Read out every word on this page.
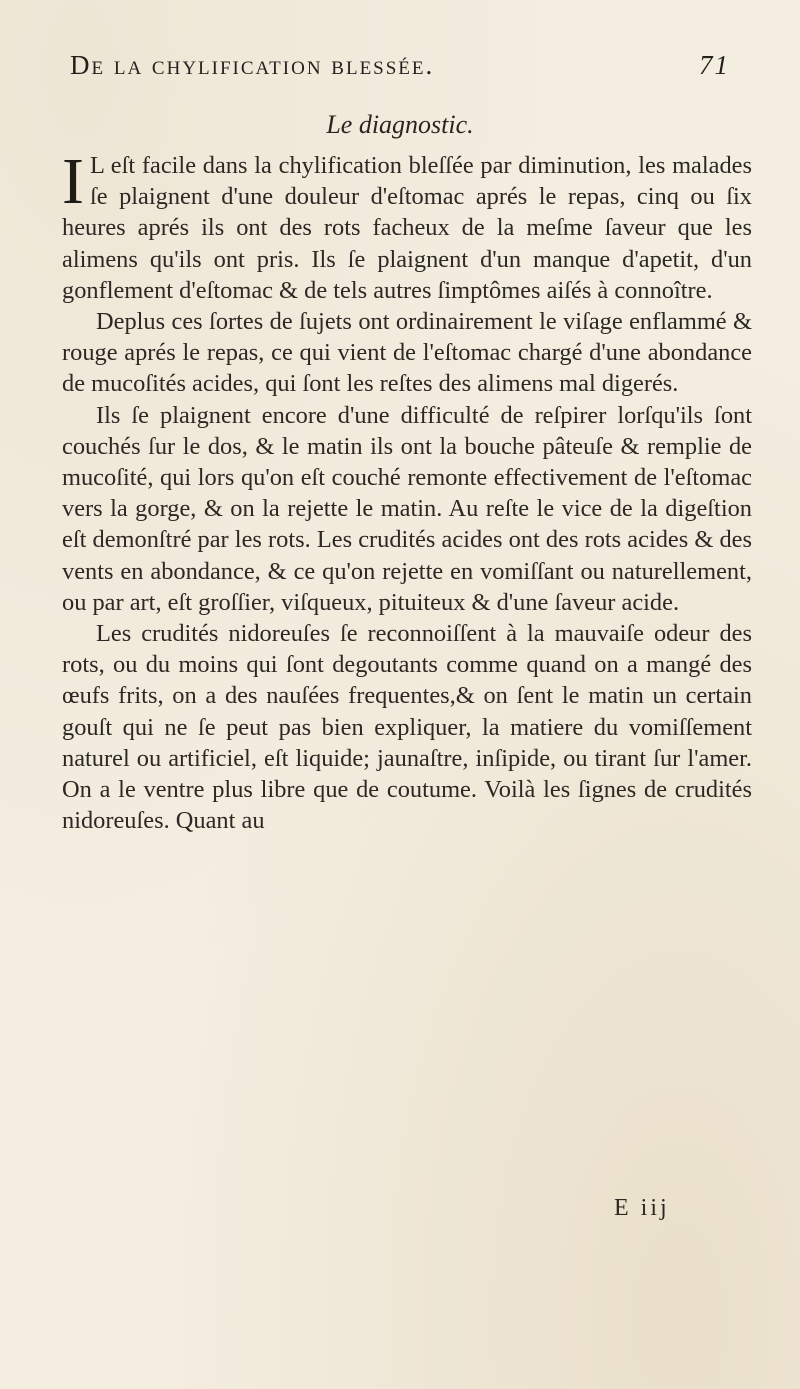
De la chylification blessée.	71
Le diagnostic.

I L eſt facile dans la chylification bleſſée par diminution, les malades ſe plaignent d'une douleur d'eſtomac aprés le repas, cinq ou ſix heures aprés ils ont des rots facheux de la meſme ſaveur que les alimens qu'ils ont pris. Ils ſe plaignent d'un manque d'apetit, d'un gonflement d'eſtomac & de tels autres ſimptômes aiſés à connoître.

Deplus ces ſortes de ſujets ont ordinairement le viſage enflammé & rouge aprés le repas, ce qui vient de l'eſtomac chargé d'une abondance de mucoſités acides, qui ſont les reſtes des alimens mal digerés.

Ils ſe plaignent encore d'une difficulté de reſpirer lorſqu'ils ſont couchés ſur le dos, & le matin ils ont la bouche pâteuſe & remplie de mucoſité, qui lors qu'on eſt couché remonte effectivement de l'eſtomac vers la gorge, & on la rejette le matin. Au reſte le vice de la digeſtion eſt demonſtré par les rots. Les crudités acides ont des rots acides & des vents en abondance, & ce qu'on rejette en vomiſſant ou naturellement, ou par art, eſt groſſier, viſqueux, pituiteux & d'une ſaveur acide.

Les crudités nidoreuſes ſe reconnoiſſent à la mauvaiſe odeur des rots, ou du moins qui ſont degoutants comme quand on a mangé des œufs frits, on a des nauſées frequentes,& on ſent le matin un certain gouſt qui ne ſe peut pas bien expliquer, la matiere du vomiſſement naturel ou artificiel, eſt liquide; jaunaſtre, inſipide, ou tirant ſur l'amer. On a le ventre plus libre que de coutume. Voilà les ſignes de crudités nidoreuſes. Quant au

E iij
